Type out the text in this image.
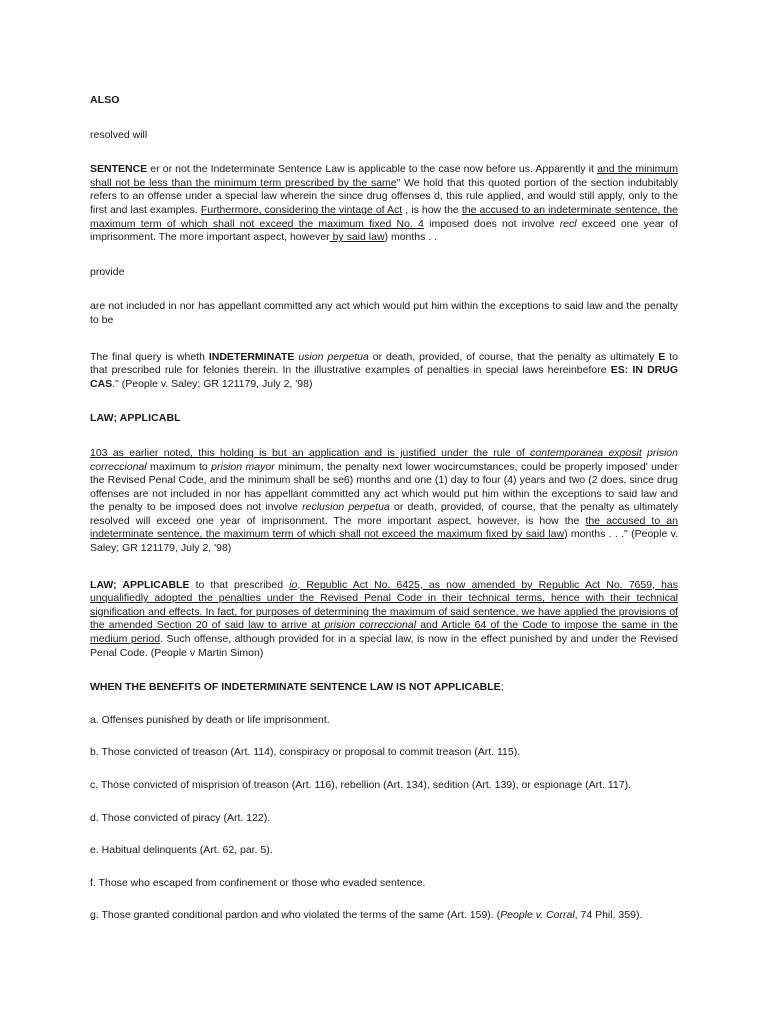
ALSO

resolved will

SENTENCE er or not the Indeterminate Sentence Law is applicable to the case now before us. Apparently it and the minimum shall not be less than the minimum term prescribed by the same" We hold that this quoted portion of the section indubitably refers to an offense under a special law wherein the since drug offenses d, this rule applied, and would still apply, only to the first and last examples. Furthermore, considering the vintage of Act , is how the the accused to an indeterminate sentence, the maximum term of which shall not exceed the maximum fixed No. 4 imposed does not involve recl exceed one year of imprisonment. The more important aspect, however by said law) months . .

provide

are not included in nor has appellant committed any act which would put him within the exceptions to said law and the penalty to be

The final query is wheth INDETERMINATE usion perpetua or death, provided, of course, that the penalty as ultimately E to that prescribed rule for felonies therein. In the illustrative examples of penalties in special laws hereinbefore ES: IN DRUG CAS." (People v. Saley; GR 121179, July 2, '98)

LAW; APPLICABL

103 as earlier noted, this holding is but an application and is justified under the rule of contemporanea exposit prision correccional maximum to prision mayor minimum, the penalty next lower wocircumstances, could be properly imposed' under the Revised Penal Code, and the minimum shall be se6) months and one (1) day to four (4) years and two (2 does, since drug offenses are not included in nor has appellant committed any act which would put him within the exceptions to said law and the penalty to be imposed does not involve reclusion perpetua or death, provided, of course, that the penalty as ultimately resolved will exceed one year of imprisonment. The more important aspect, however, is how the the accused to an indeterminate sentence, the maximum term of which shall not exceed the maximum fixed by said law) months . . ." (People v. Saley; GR 121179, July 2, '98)

LAW; APPLICABLE to that prescribed io, Republic Act No. 6425, as now amended by Republic Act No. 7659, has unqualifiedly adopted the penalties under the Revised Penal Code in their technical terms, hence with their technical signification and effects. In fact, for purposes of determining the maximum of said sentence, we have applied the provisions of the amended Section 20 of said law to arrive at prision correccional and Article 64 of the Code to impose the same in the medium period. Such offense, although provided for in a special law, is now in the effect punished by and under the Revised Penal Code. (People v Martin Simon)

WHEN THE BENEFITS OF INDETERMINATE SENTENCE LAW IS NOT APPLICABLE;

a. Offenses punished by death or life imprisonment.

b. Those convicted of treason (Art. 114), conspiracy or proposal to commit treason (Art. 115).

c. Those convicted of misprision of treason (Art. 116), rebellion (Art. 134), sedition (Art. 139), or espionage (Art. 117).

d. Those convicted of piracy (Art. 122).

e. Habitual delinquents (Art. 62, par. 5).

f. Those who escaped from confinement or those who evaded sentence.

g. Those granted conditional pardon and who violated the terms of the same (Art. 159). (People v. Corral, 74 Phil. 359).
